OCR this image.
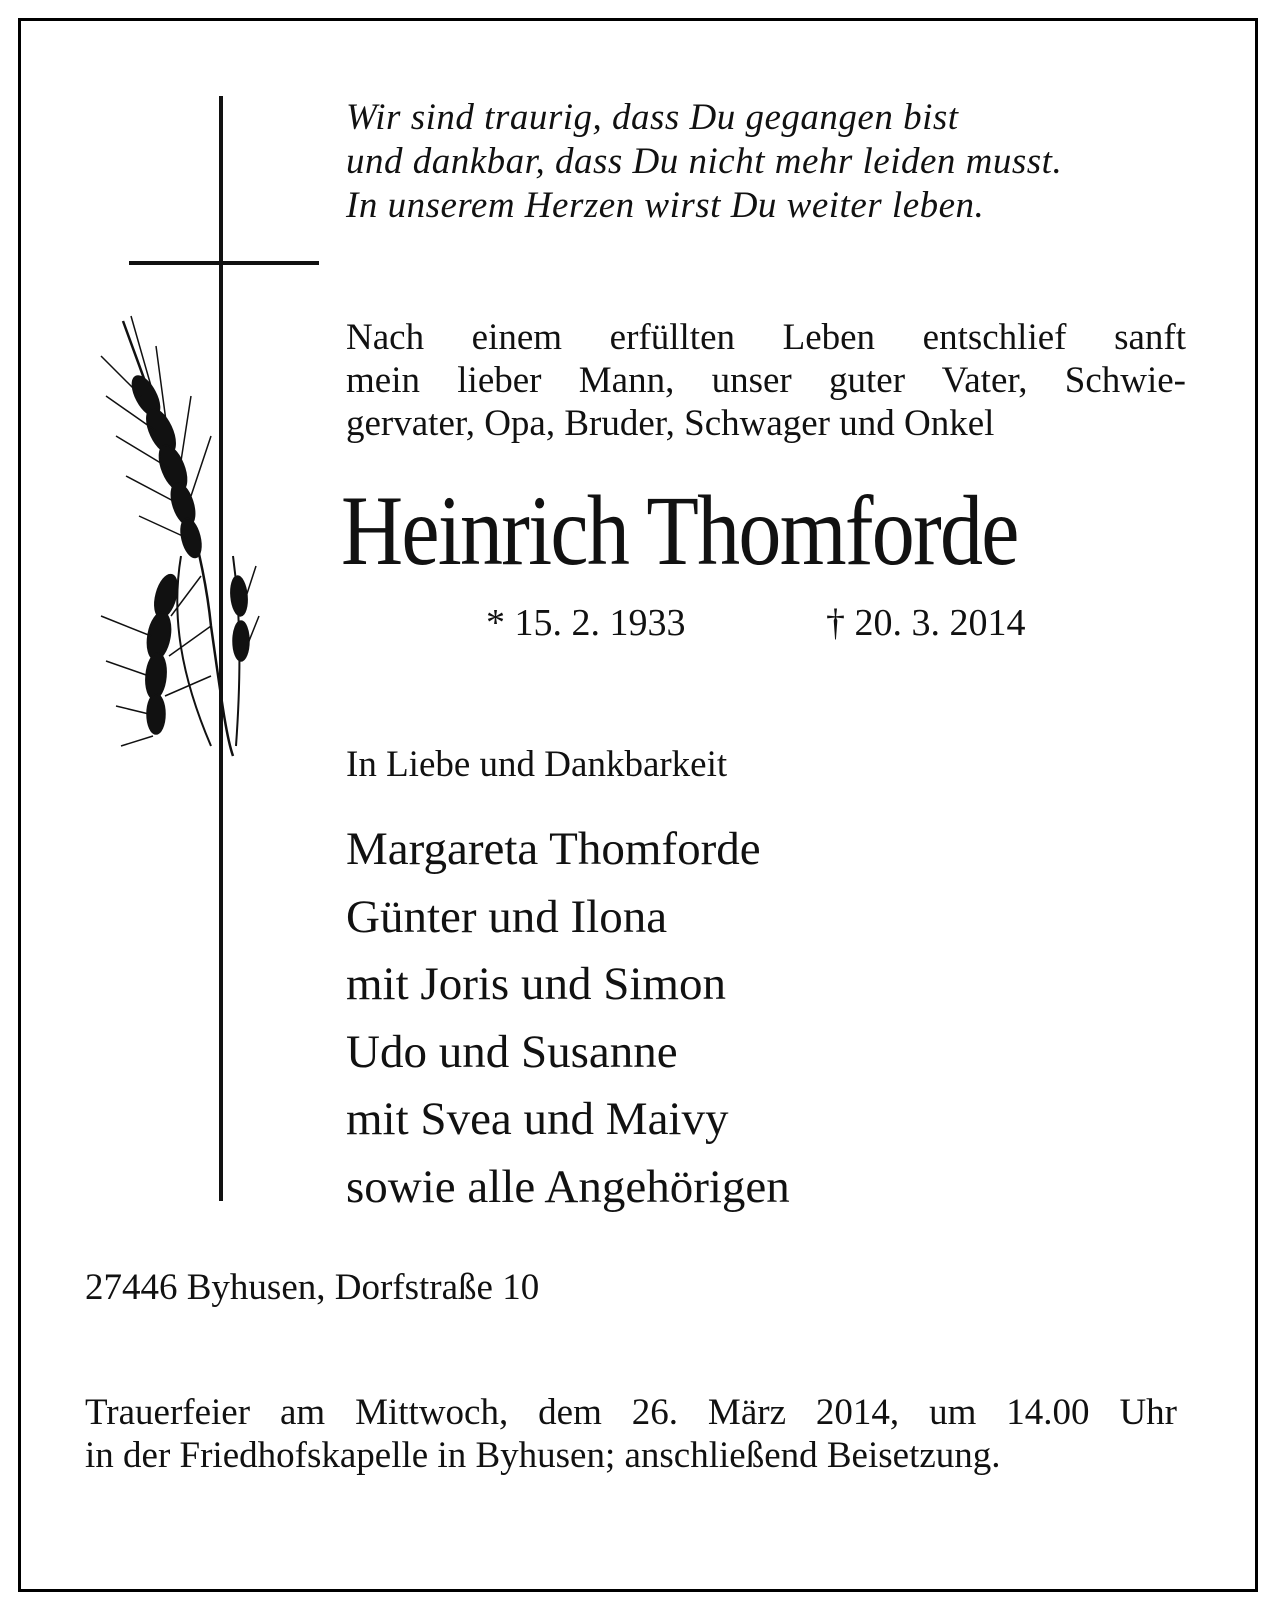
Wir sind traurig, dass Du gegangen bist
und dankbar, dass Du nicht mehr leiden musst.
In unserem Herzen wirst Du weiter leben.
Nach einem erfüllten Leben entschlief sanft
mein lieber Mann, unser guter Vater, Schwie-
gervater, Opa, Bruder, Schwager und Onkel
Heinrich Thomforde
* 15. 2. 1933	† 20. 3. 2014
In Liebe und Dankbarkeit
Margareta Thomforde
Günter und Ilona
mit Joris und Simon
Udo und Susanne
mit Svea und Maivy
sowie alle Angehörigen
27446 Byhusen, Dorfstraße 10
Trauerfeier am Mittwoch, dem 26. März 2014, um 14.00 Uhr
in der Friedhofskapelle in Byhusen; anschließend Beisetzung.
